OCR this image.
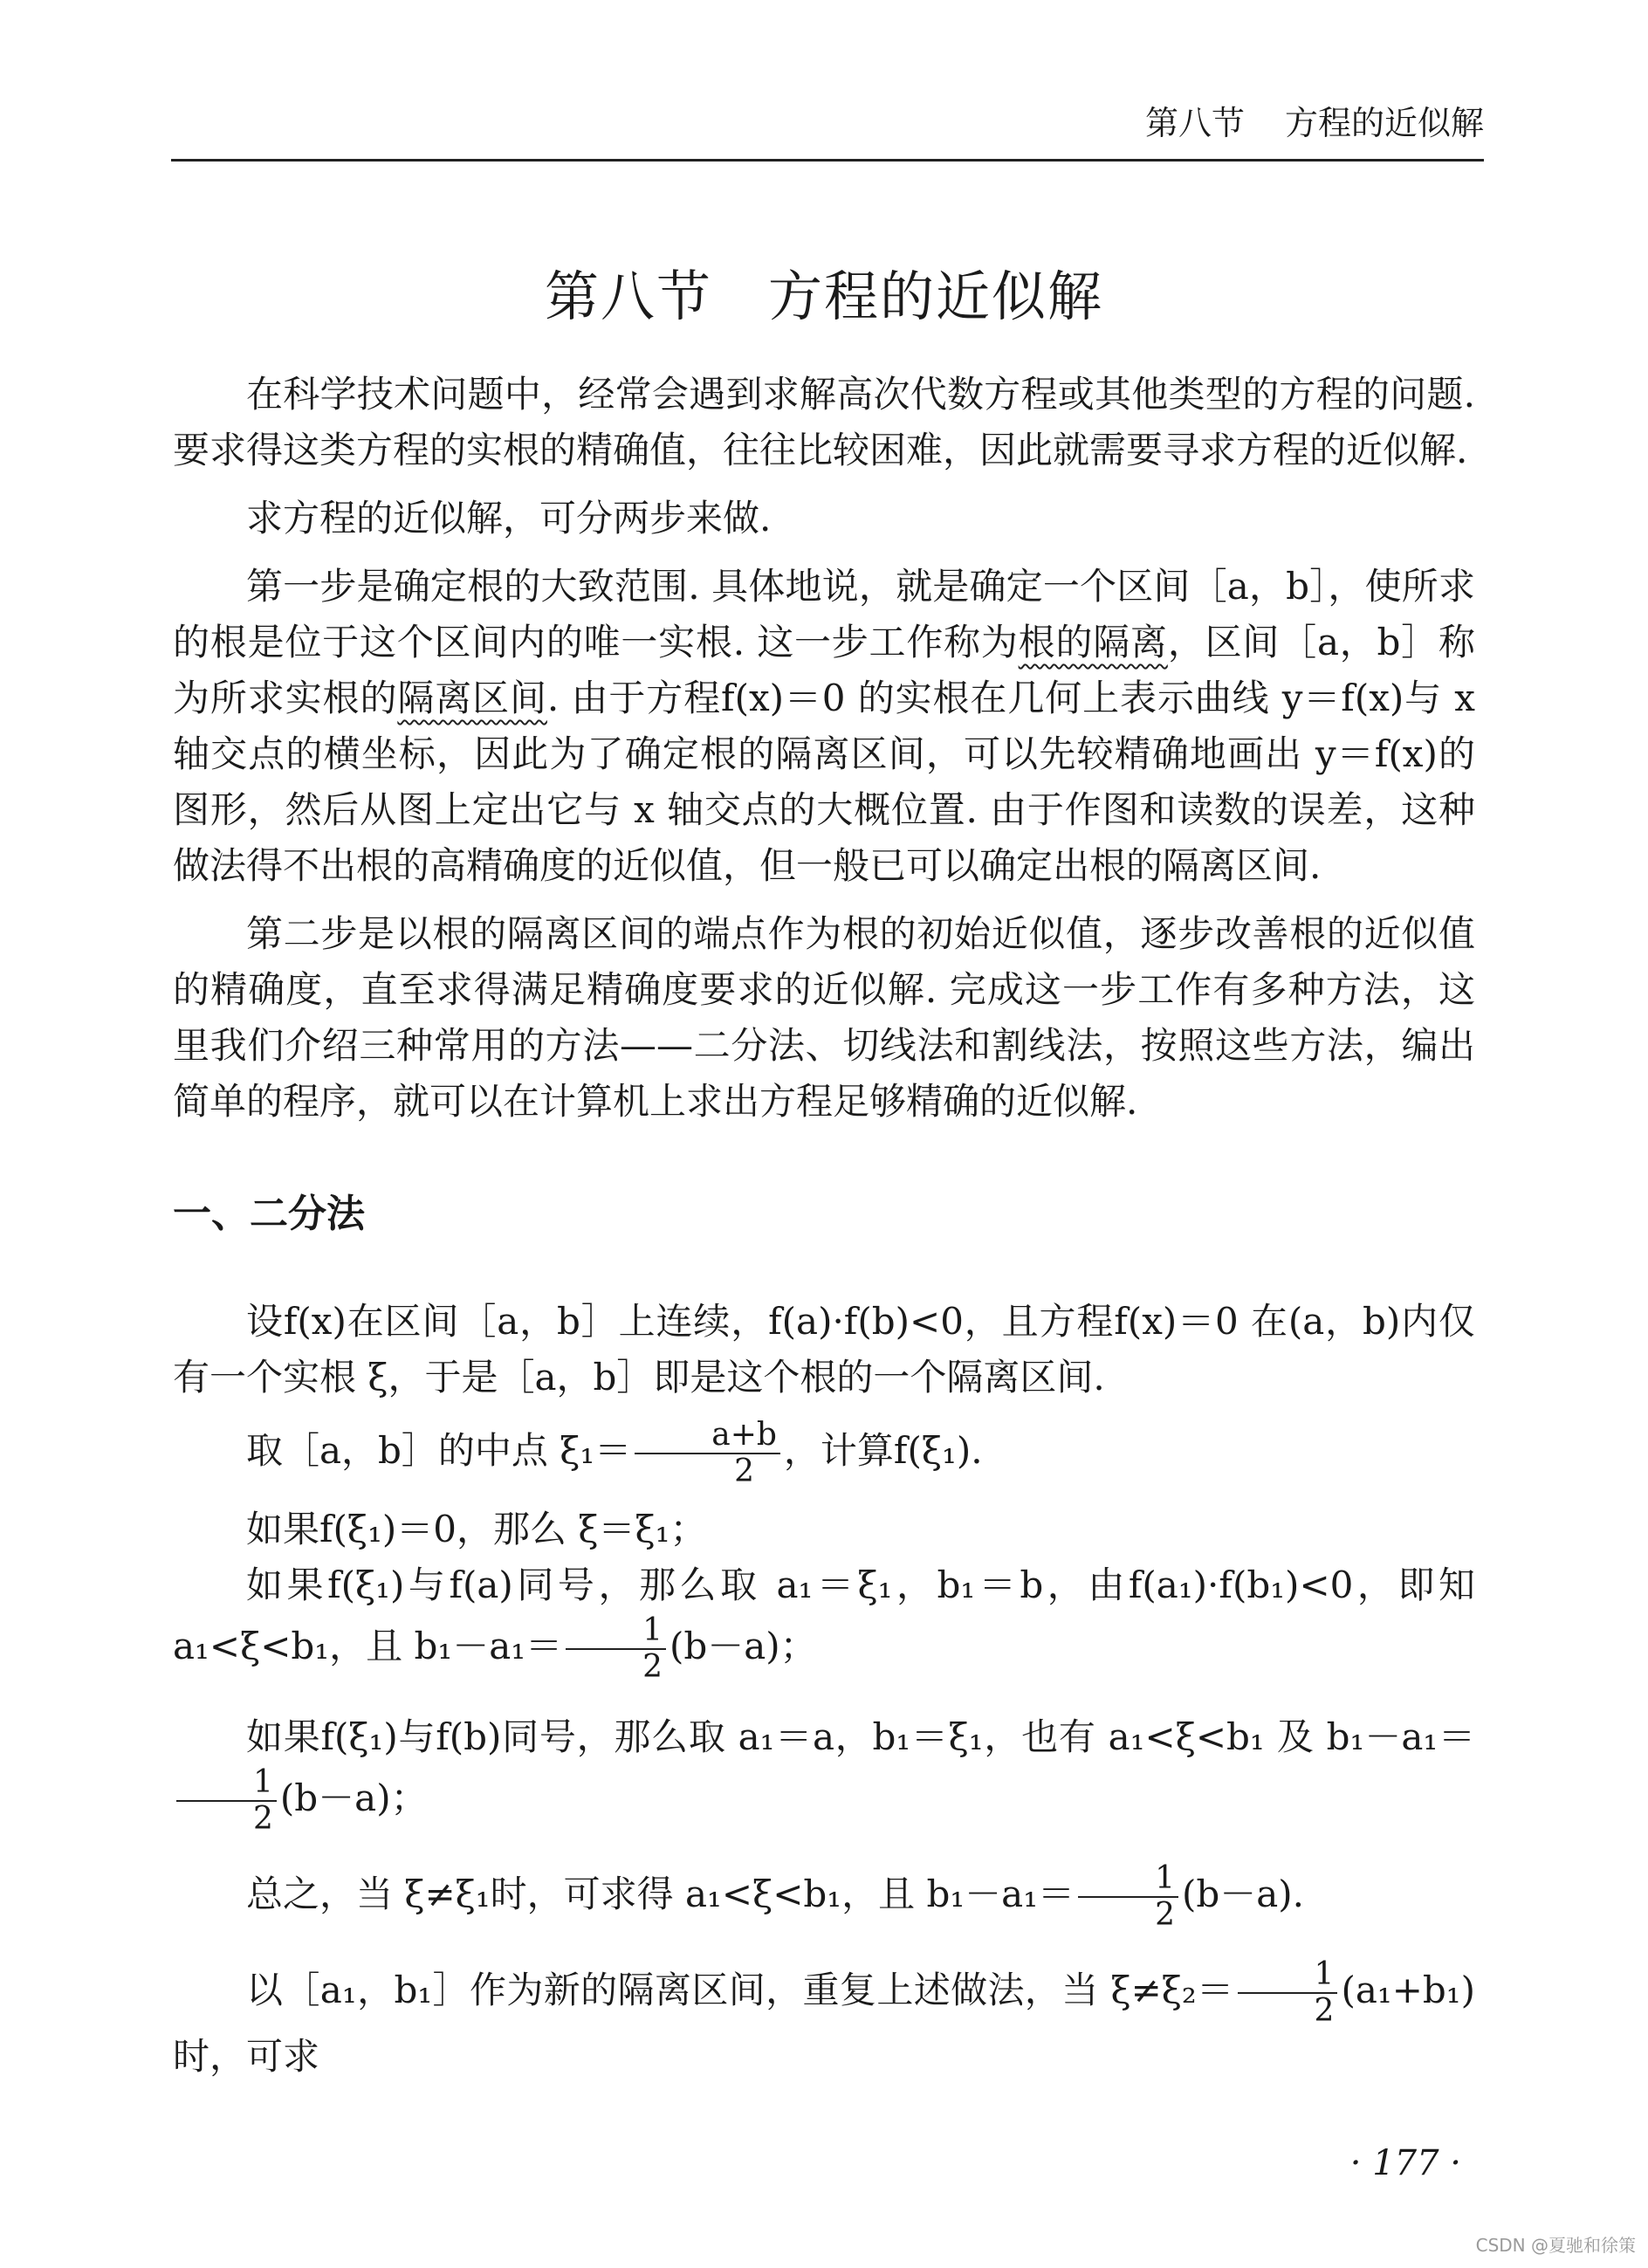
第八节 方程的近似解
第八节 方程的近似解

在科学技术问题中，经常会遇到求解高次代数方程或其他类型的方程的问题. 要求得这类方程的实根的精确值，往往比较困难，因此就需要寻求方程的近似解.

求方程的近似解，可分两步来做.

第一步是确定根的大致范围. 具体地说，就是确定一个区间［a，b］，使所求的根是位于这个区间内的唯一实根. 这一步工作称为根的隔离，区间［a，b］称为所求实根的隔离区间. 由于方程f(x)＝0 的实根在几何上表示曲线 y＝f(x)与 x 轴交点的横坐标，因此为了确定根的隔离区间，可以先较精确地画出 y＝f(x)的图形，然后从图上定出它与 x 轴交点的大概位置. 由于作图和读数的误差，这种做法得不出根的高精确度的近似值，但一般已可以确定出根的隔离区间.

第二步是以根的隔离区间的端点作为根的初始近似值，逐步改善根的近似值的精确度，直至求得满足精确度要求的近似解. 完成这一步工作有多种方法，这里我们介绍三种常用的方法——二分法、切线法和割线法，按照这些方法，编出简单的程序，就可以在计算机上求出方程足够精确的近似解.

一、二分法

设f(x)在区间［a，b］上连续，f(a)·f(b)<0，且方程f(x)＝0 在(a，b)内仅有一个实根 ξ，于是［a，b］即是这个根的一个隔离区间.

取［a，b］的中点 $\xi_1= \frac{a+b}{2}$ ，计算f(ξ₁).

如果f(ξ₁)＝0，那么 ξ＝ξ₁；

如果f(ξ₁)与f(a)同号，那么取 a₁＝ξ₁，b₁＝b，由f(a₁)·f(b₁)<0，即知 a₁<ξ<b₁，且 $b_1-a_1= \frac{1}{2} (b-a)$；

如果f(ξ₁)与f(b)同号，那么取 a₁＝a，b₁＝ξ₁，也有 a₁<ξ<b₁ 及 b₁－a₁＝
$\frac{1}{2} (b-a)$；

总之，当 ξ≠ξ₁时，可求得 a₁<ξ<b₁，且 $b_1-a_1= \frac{1}{2} (b-a)$.

以［a₁，b₁］作为新的隔离区间，重复上述做法，当 $\xi\ne\xi_2= \frac{1}{2} (a_1+b_1)$时，可求

· 177 ·
CSDN @夏驰和徐策
